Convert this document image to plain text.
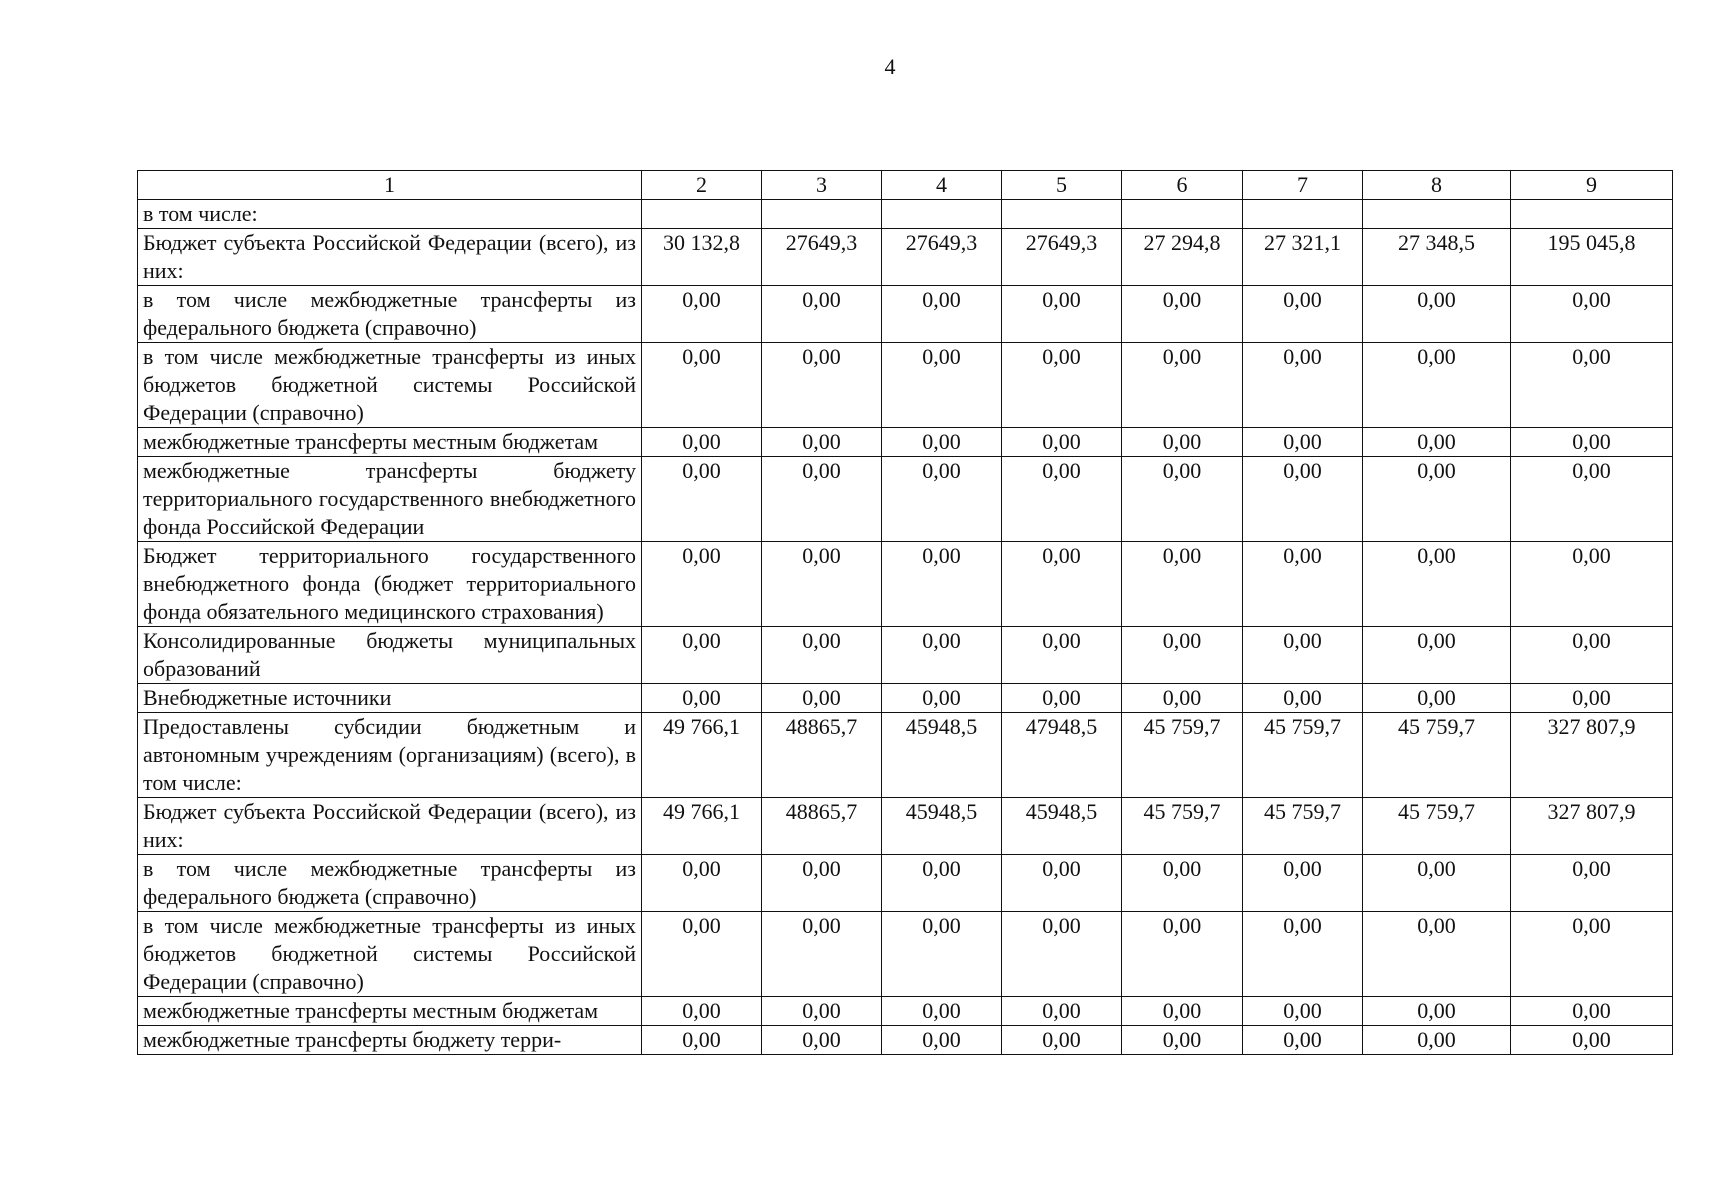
4
1	2	3	4	5	6	7	8	9
в том числе:								
Бюджет субъекта Российской Федерации (всего), из них:	30 132,8	27649,3	27649,3	27649,3	27 294,8	27 321,1	27 348,5	195 045,8
в том числе межбюджетные трансферты из федерального бюджета (справочно)	0,00	0,00	0,00	0,00	0,00	0,00	0,00	0,00
в том числе межбюджетные трансферты из иных бюджетов бюджетной системы Российской Федерации (справочно)	0,00	0,00	0,00	0,00	0,00	0,00	0,00	0,00
межбюджетные трансферты местным бюджетам	0,00	0,00	0,00	0,00	0,00	0,00	0,00	0,00
межбюджетные трансферты бюджету территориального государственного внебюджетного фонда Российской Федерации	0,00	0,00	0,00	0,00	0,00	0,00	0,00	0,00
Бюджет территориального государственного внебюджетного фонда (бюджет территориального фонда обязательного медицинского страхования)	0,00	0,00	0,00	0,00	0,00	0,00	0,00	0,00
Консолидированные бюджеты муниципальных образований	0,00	0,00	0,00	0,00	0,00	0,00	0,00	0,00
Внебюджетные источники	0,00	0,00	0,00	0,00	0,00	0,00	0,00	0,00
Предоставлены субсидии бюджетным и автономным учреждениям (организациям) (всего), в том числе:	49 766,1	48865,7	45948,5	47948,5	45 759,7	45 759,7	45 759,7	327 807,9
Бюджет субъекта Российской Федерации (всего), из них:	49 766,1	48865,7	45948,5	45948,5	45 759,7	45 759,7	45 759,7	327 807,9
в том числе межбюджетные трансферты из федерального бюджета (справочно)	0,00	0,00	0,00	0,00	0,00	0,00	0,00	0,00
в том числе межбюджетные трансферты из иных бюджетов бюджетной системы Российской Федерации (справочно)	0,00	0,00	0,00	0,00	0,00	0,00	0,00	0,00
межбюджетные трансферты местным бюджетам	0,00	0,00	0,00	0,00	0,00	0,00	0,00	0,00
межбюджетные трансферты бюджету терри-	0,00	0,00	0,00	0,00	0,00	0,00	0,00	0,00
